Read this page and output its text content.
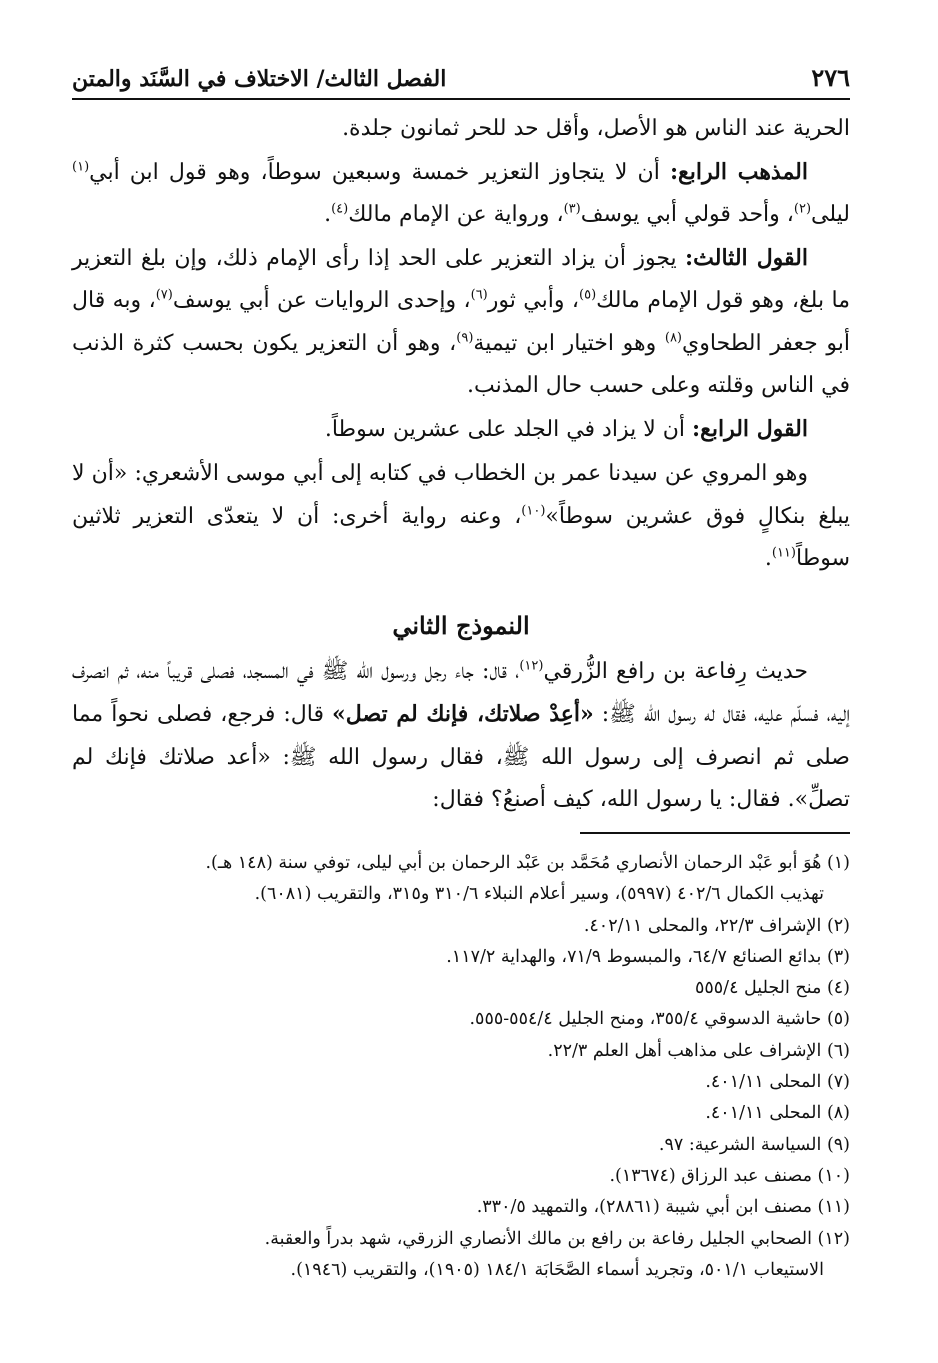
٢٧٦
الفصل الثالث/ الاختلاف في السَّنَد والمتن

الحرية عند الناس هو الأصل، وأقل حد للحر ثمانون جلدة.

المذهب الرابع: أن لا يتجاوز التعزير خمسة وسبعين سوطاً، وهو قول ابن أبي$^{(١)}$ ليلى$^{(٢)}$، وأحد قولي أبي يوسف$^{(٣)}$، ورواية عن الإمام مالك$^{(٤)}$.

القول الثالث: يجوز أن يزاد التعزير على الحد إذا رأى الإمام ذلك، وإن بلغ التعزير ما بلغ، وهو قول الإمام مالك$^{(٥)}$، وأبي ثور$^{(٦)}$، وإحدى الروايات عن أبي يوسف$^{(٧)}$، وبه قال أبو جعفر الطحاوي$^{(٨)}$ وهو اختيار ابن تيمية$^{(٩)}$، وهو أن التعزير يكون بحسب كثرة الذنب في الناس وقلته وعلى حسب حال المذنب.

القول الرابع: أن لا يزاد في الجلد على عشرين سوطاً.

وهو المروي عن سيدنا عمر بن الخطاب في كتابه إلى أبي موسى الأشعري: «أن لا يبلغ بنكالٍ فوق عشرين سوطاً»$^{(١٠)}$، وعنه رواية أخرى: أن لا يتعدّى التعزير ثلاثين سوطاً$^{(١١)}$.

النموذج الثاني

حديث رِفاعة بن رافع الزُّرقي$^{(١٢)}$، قال: جاء رجل ورسول الله ﷺ في المسجد، فصلى قريباً منه، ثم انصرف إليه، فسلّم عليه، فقال له رسول الله ﷺ: «أعِدْ صلاتك، فإنك لم تصل» قال: فرجع، فصلى نحواً مما صلى ثم انصرف إلى رسول الله ﷺ، فقال رسول الله ﷺ: «أعد صلاتك فإنك لم تصلِّ». فقال: يا رسول الله، كيف أصنعُ؟ فقال:

(١) هُوَ أبو عَبْد الرحمان الأنصاري مُحَمَّد بن عَبْد الرحمان بن أبي ليلى، توفي سنة (١٤٨ هـ).
تهذيب الكمال ٤٠٢/٦ (٥٩٩٧)، وسير أعلام النبلاء ٣١٠/٦ و٣١٥، والتقريب (٦٠٨١).

(٢) الإشراف ٢٢/٣، والمحلى ٤٠٢/١١.

(٣) بدائع الصنائع ٦٤/٧، والمبسوط ٧١/٩، والهداية ١١٧/٢.

(٤) منح الجليل ٥٥٥/٤

(٥) حاشية الدسوقي ٣٥٥/٤، ومنح الجليل ٥٥٤/٤-٥٥٥.

(٦) الإشراف على مذاهب أهل العلم ٢٢/٣.

(٧) المحلى ٤٠١/١١.

(٨) المحلى ٤٠١/١١.

(٩) السياسة الشرعية: ٩٧.

(١٠) مصنف عبد الرزاق (١٣٦٧٤).

(١١) مصنف ابن أبي شيبة (٢٨٨٦١)، والتمهيد ٣٣٠/٥.

(١٢) الصحابي الجليل رفاعة بن رافع بن مالك الأنصاري الزرقي، شهد بدراً والعقبة.
الاستيعاب ٥٠١/١، وتجريد أسماء الصَّحَابَة ١٨٤/١ (١٩٠٥)، والتقريب (١٩٤٦).
